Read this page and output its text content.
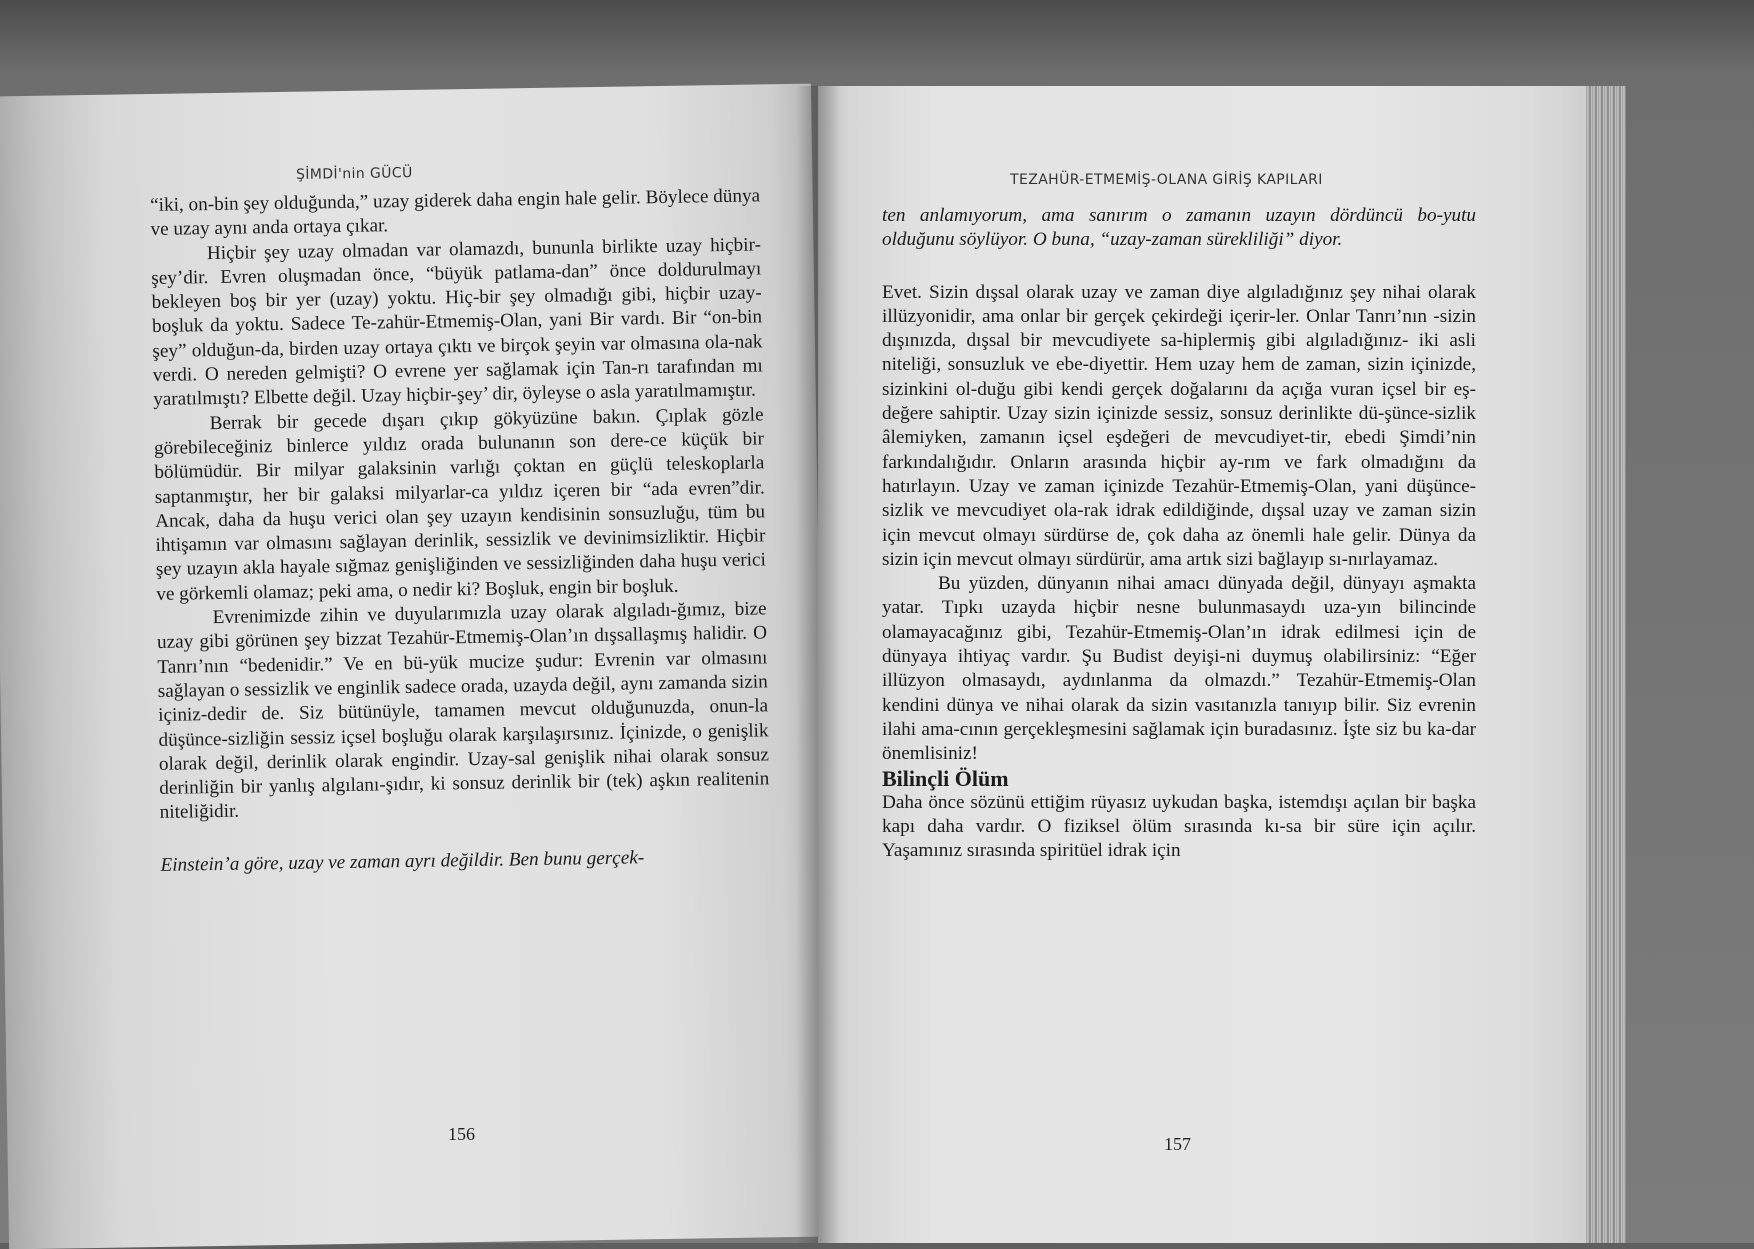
ŞİMDİ'nin GÜCÜ	TEZAHÜR-ETMEMİŞ-OLANA GİRİŞ KAPILARI

“iki, on-bin şey olduğunda,” uzay giderek daha engin hale gelir. Böylece dünya ve uzay aynı anda ortaya çıkar.

Hiçbir şey uzay olmadan var olamazdı, bununla birlikte uzay hiçbir-şey’dir. Evren oluşmadan önce, “büyük patlama-dan” önce doldurulmayı bekleyen boş bir yer (uzay) yoktu. Hiç-bir şey olmadığı gibi, hiçbir uzay-boşluk da yoktu. Sadece Te-zahür-Etmemiş-Olan, yani Bir vardı. Bir “on-bin şey” olduğun-da, birden uzay ortaya çıktı ve birçok şeyin var olmasına ola-nak verdi. O nereden gelmişti? O evrene yer sağlamak için Tan-rı tarafından mı yaratılmıştı? Elbette değil. Uzay hiçbir-şey’ dir, öyleyse o asla yaratılmamıştır.

Berrak bir gecede dışarı çıkıp gökyüzüne bakın. Çıplak gözle görebileceğiniz binlerce yıldız orada bulunanın son dere-ce küçük bir bölümüdür. Bir milyar galaksinin varlığı çoktan en güçlü teleskoplarla saptanmıştır, her bir galaksi milyarlar-ca yıldız içeren bir “ada evren”dir. Ancak, daha da huşu verici olan şey uzayın kendisinin sonsuzluğu, tüm bu ihtişamın var olmasını sağlayan derinlik, sessizlik ve devinimsizliktir. Hiçbir şey uzayın akla hayale sığmaz genişliğinden ve sessizliğinden daha huşu verici ve görkemli olamaz; peki ama, o nedir ki? Boşluk, engin bir boşluk.

Evrenimizde zihin ve duyularımızla uzay olarak algıladı-ğımız, bize uzay gibi görünen şey bizzat Tezahür-Etmemiş-Olan’ın dışsallaşmış halidir. O Tanrı’nın “bedenidir.” Ve en bü-yük mucize şudur: Evrenin var olmasını sağlayan o sessizlik ve enginlik sadece orada, uzayda değil, aynı zamanda sizin içiniz-dedir de. Siz bütünüyle, tamamen mevcut olduğunuzda, onun-la düşünce-sizliğin sessiz içsel boşluğu olarak karşılaşırsınız. İçinizde, o genişlik olarak değil, derinlik olarak engindir. Uzay-sal genişlik nihai olarak sonsuz derinliğin bir yanlış algılanı-şıdır, ki sonsuz derinlik bir (tek) aşkın realitenin niteliğidir.

Einstein’a göre, uzay ve zaman ayrı değildir. Ben bunu gerçek-

ten anlamıyorum, ama sanırım o zamanın uzayın dördüncü bo-yutu olduğunu söylüyor. O buna, “uzay-zaman sürekliliği” diyor.

Evet. Sizin dışsal olarak uzay ve zaman diye algıladığınız şey nihai olarak illüzyonidir, ama onlar bir gerçek çekirdeği içerir-ler. Onlar Tanrı’nın -sizin dışınızda, dışsal bir mevcudiyete sa-hiplermiş gibi algıladığınız- iki asli niteliği, sonsuzluk ve ebe-diyettir. Hem uzay hem de zaman, sizin içinizde, sizinkini ol-duğu gibi kendi gerçek doğalarını da açığa vuran içsel bir eş-değere sahiptir. Uzay sizin içinizde sessiz, sonsuz derinlikte dü-şünce-sizlik âlemiyken, zamanın içsel eşdeğeri de mevcudiyet-tir, ebedi Şimdi’nin farkındalığıdır. Onların arasında hiçbir ay-rım ve fark olmadığını da hatırlayın. Uzay ve zaman içinizde Tezahür-Etmemiş-Olan, yani düşünce-sizlik ve mevcudiyet ola-rak idrak edildiğinde, dışsal uzay ve zaman sizin için mevcut olmayı sürdürse de, çok daha az önemli hale gelir. Dünya da sizin için mevcut olmayı sürdürür, ama artık sizi bağlayıp sı-nırlayamaz.

Bu yüzden, dünyanın nihai amacı dünyada değil, dünyayı aşmakta yatar. Tıpkı uzayda hiçbir nesne bulunmasaydı uza-yın bilincinde olamayacağınız gibi, Tezahür-Etmemiş-Olan’ın idrak edilmesi için de dünyaya ihtiyaç vardır. Şu Budist deyişi-ni duymuş olabilirsiniz: “Eğer illüzyon olmasaydı, aydınlanma da olmazdı.” Tezahür-Etmemiş-Olan kendini dünya ve nihai olarak da sizin vasıtanızla tanıyıp bilir. Siz evrenin ilahi ama-cının gerçekleşmesini sağlamak için buradasınız. İşte siz bu ka-dar önemlisiniz!

Bilinçli Ölüm

Daha önce sözünü ettiğim rüyasız uykudan başka, istemdışı açılan bir başka kapı daha vardır. O fiziksel ölüm sırasında kı-sa bir süre için açılır. Yaşamınız sırasında spiritüel idrak için

156	157
